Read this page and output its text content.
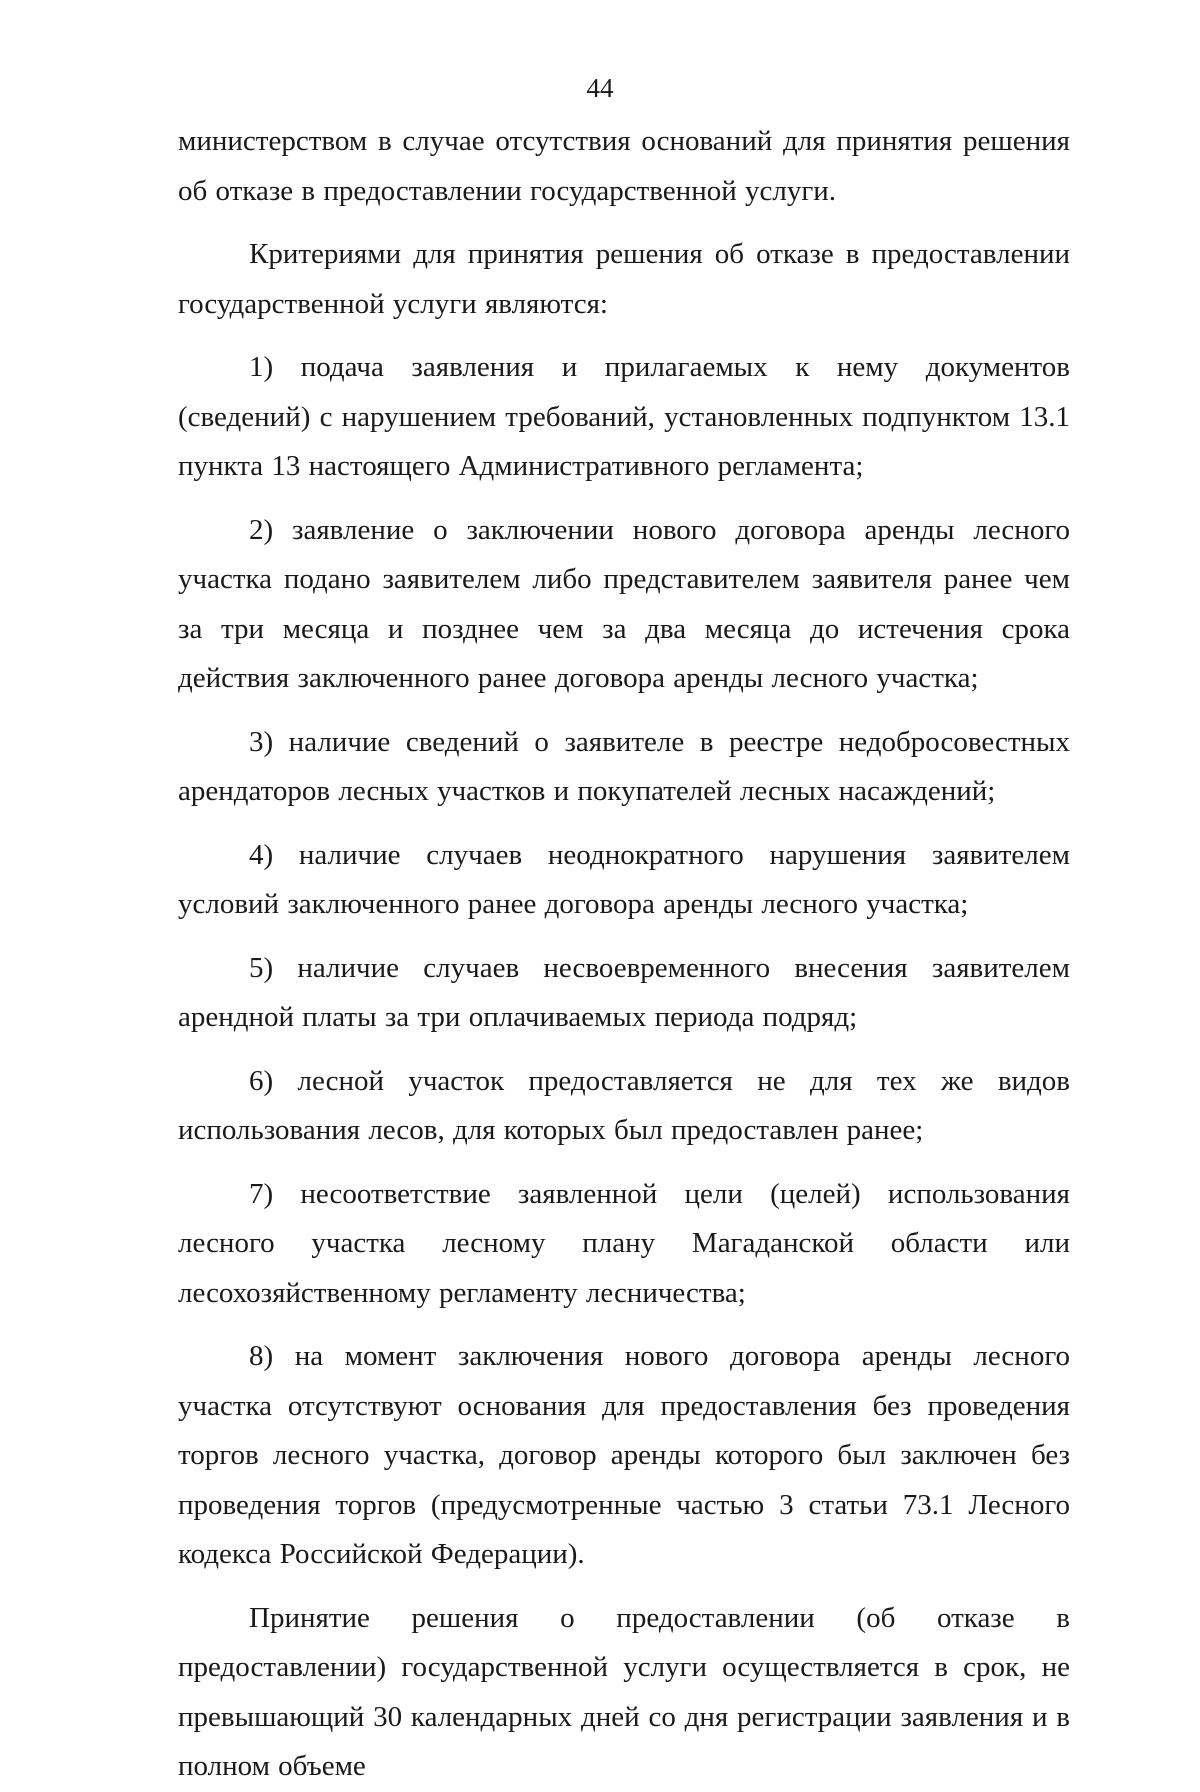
44

министерством в случае отсутствия оснований для принятия решения об отказе в предоставлении государственной услуги.

Критериями для принятия решения об отказе в предоставлении государственной услуги являются:

1) подача заявления и прилагаемых к нему документов (сведений) с нарушением требований, установленных подпунктом 13.1 пункта 13 настоящего Административного регламента;

2) заявление о заключении нового договора аренды лесного участка подано заявителем либо представителем заявителя ранее чем за три месяца и позднее чем за два месяца до истечения срока действия заключенного ранее договора аренды лесного участка;

3) наличие сведений о заявителе в реестре недобросовестных арендаторов лесных участков и покупателей лесных насаждений;

4) наличие случаев неоднократного нарушения заявителем условий заключенного ранее договора аренды лесного участка;

5) наличие случаев несвоевременного внесения заявителем арендной платы за три оплачиваемых периода подряд;

6) лесной участок предоставляется не для тех же видов использования лесов, для которых был предоставлен ранее;

7) несоответствие заявленной цели (целей) использования лесного участка лесному плану Магаданской области или лесохозяйственному регламенту лесничества;

8) на момент заключения нового договора аренды лесного участка отсутствуют основания для предоставления без проведения торгов лесного участка, договор аренды которого был заключен без проведения торгов (предусмотренные частью 3 статьи 73.1 Лесного кодекса Российской Федерации).

Принятие решения о предоставлении (об отказе в предоставлении) государственной услуги осуществляется в срок, не превышающий 30 календарных дней со дня регистрации заявления и в полном объеме
